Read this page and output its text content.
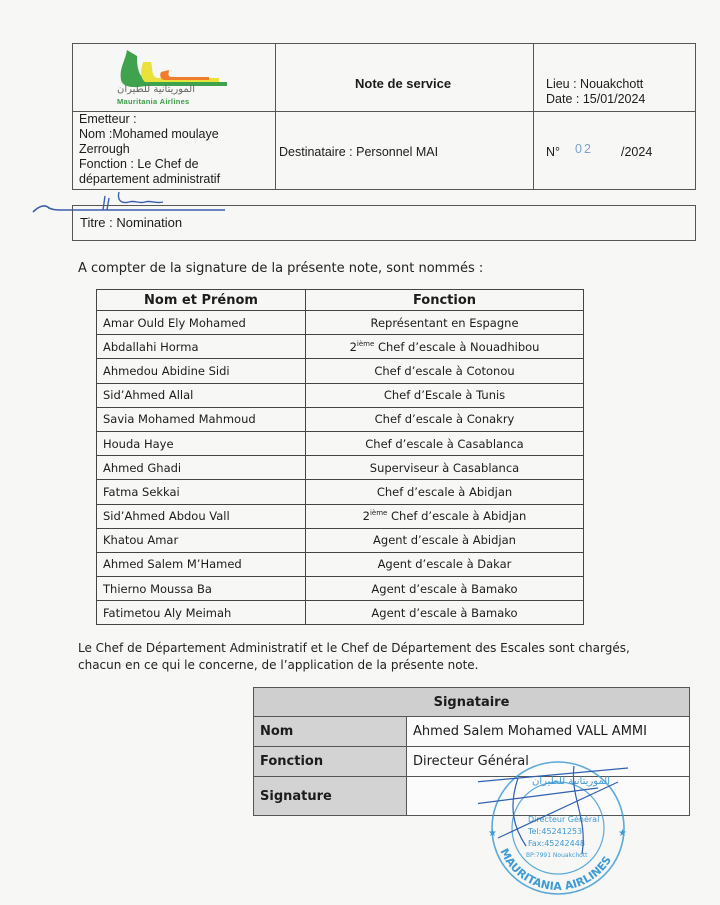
الموريتانية للطيران
Mauritania Airlines
Note de service	Lieu : Nouakchott
Date : 15/01/2024
Emetteur :
Nom :Mohamed moulaye
Zerrough
Fonction : Le Chef de
département administratif
Destinataire : Personnel MAI	N° 02 /2024
Titre : Nomination
A compter de la signature de la présente note, sont nommés :
Nom et Prénom	Fonction
Amar Ould Ely Mohamed	Représentant en Espagne
Abdallahi Horma	2ième Chef d’escale à Nouadhibou
Ahmedou Abidine Sidi	Chef d’escale à Cotonou
Sid’Ahmed Allal	Chef d’Escale à Tunis
Savia Mohamed Mahmoud	Chef d’escale à Conakry
Houda Haye	Chef d’escale à Casablanca
Ahmed Ghadi	Superviseur à Casablanca
Fatma Sekkai	Chef d’escale à Abidjan
Sid’Ahmed Abdou Vall	2ième Chef d’escale à Abidjan
Khatou Amar	Agent d’escale à Abidjan
Ahmed Salem M’Hamed	Agent d’escale à Dakar
Thierno Moussa Ba	Agent d’escale à Bamako
Fatimetou Aly Meimah	Agent d’escale à Bamako
Le Chef de Département Administratif et le Chef de Département des Escales sont chargés,
chacun en ce qui le concerne, de l’application de la présente note.
Signataire	
Nom	Ahmed Salem Mohamed VALL AMMI
Fonction	Directeur Général
Signature	
MAURITANIA AIRLINES
Directeur Général
Tel:45241253
Fax:45242448
BP:7991 Nouakchott
الموريتانية للطيران
★	★
